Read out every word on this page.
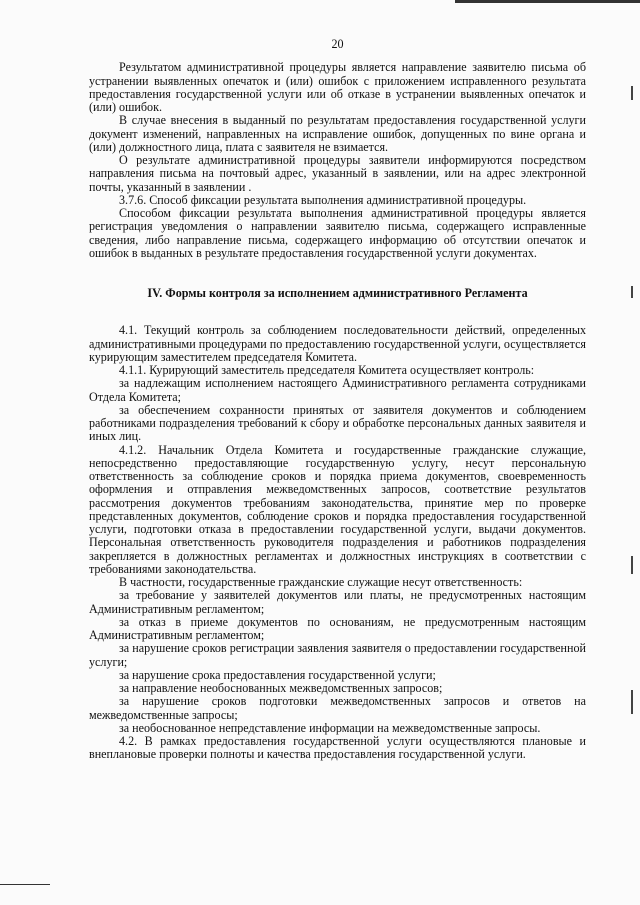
20

Результатом административной процедуры является направление заявителю письма об устранении выявленных опечаток и (или) ошибок с приложением исправленного результата предоставления государственной услуги или об отказе в устранении выявленных опечаток и (или) ошибок.

В случае внесения в выданный по результатам предоставления государственной услуги документ изменений, направленных на исправление ошибок, допущенных по вине органа и (или) должностного лица, плата с заявителя не взимается.

О результате административной процедуры заявители информируются посредством направления письма на почтовый адрес, указанный в заявлении, или на адрес электронной почты, указанный в заявлении .

3.7.6. Способ фиксации результата выполнения административной процедуры.

Способом фиксации результата выполнения административной процедуры является регистрация уведомления о направлении заявителю письма, содержащего исправленные сведения, либо направление письма, содержащего информацию об отсутствии опечаток и ошибок в выданных в результате предоставления государственной услуги документах.

IV. Формы контроля за исполнением административного Регламента

4.1. Текущий контроль за соблюдением последовательности действий, определенных административными процедурами по предоставлению государственной услуги, осуществляется курирующим заместителем председателя Комитета.

4.1.1. Курирующий заместитель председателя Комитета осуществляет контроль:

за надлежащим исполнением настоящего Административного регламента сотрудниками Отдела Комитета;

за обеспечением сохранности принятых от заявителя документов и соблюдением работниками подразделения требований к сбору и обработке персональных данных заявителя и иных лиц.

4.1.2. Начальник Отдела Комитета и государственные гражданские служащие, непосредственно предоставляющие государственную услугу, несут персональную ответственность за соблюдение сроков и порядка приема документов, своевременность оформления и отправления межведомственных запросов, соответствие результатов рассмотрения документов требованиям законодательства, принятие мер по проверке представленных документов, соблюдение сроков и порядка предоставления государственной услуги, подготовки отказа в предоставлении государственной услуги, выдачи документов. Персональная ответственность руководителя подразделения и работников подразделения закрепляется в должностных регламентах и должностных инструкциях в соответствии с требованиями законодательства.

В частности, государственные гражданские служащие несут ответственность:

за требование у заявителей документов или платы, не предусмотренных настоящим Административным регламентом;

за отказ в приеме документов по основаниям, не предусмотренным настоящим Административным регламентом;

за нарушение сроков регистрации заявления заявителя о предоставлении государственной услуги;

за нарушение срока предоставления государственной услуги;

за направление необоснованных межведомственных запросов;

за нарушение сроков подготовки межведомственных запросов и ответов на межведомственные запросы;

за необоснованное непредставление информации на межведомственные запросы.

4.2. В рамках предоставления государственной услуги осуществляются плановые и внеплановые проверки полноты и качества предоставления государственной услуги.
